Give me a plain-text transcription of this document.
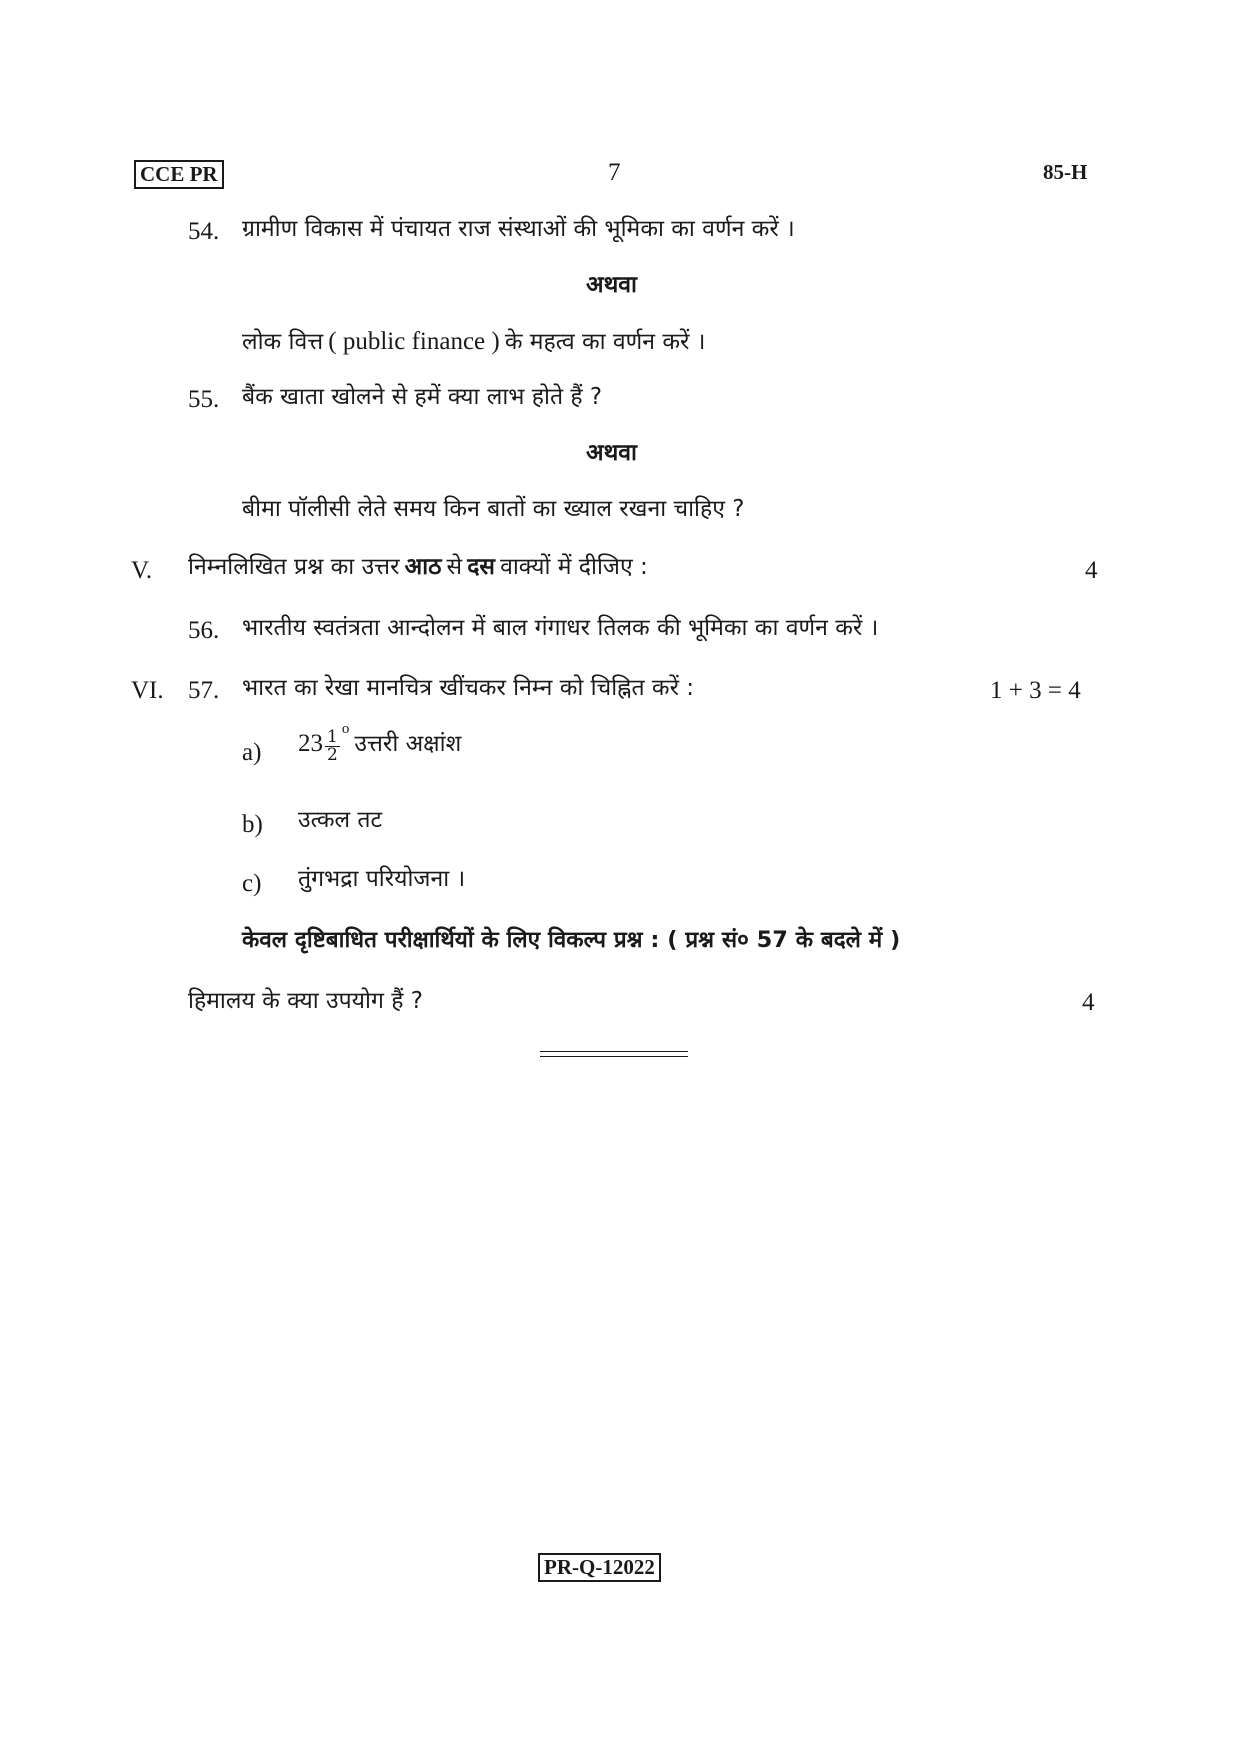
CCE PR	7	85-H
54. ग्रामीण विकास में पंचायत राज संस्थाओं की भूमिका का वर्णन करें ।
अथवा
लोक वित्त ( public finance ) के महत्व का वर्णन करें ।
55. बैंक खाता खोलने से हमें क्या लाभ होते हैं ?
अथवा
बीमा पॉलीसी लेते समय किन बातों का ख्याल रखना चाहिए ?
V. निम्नलिखित प्रश्न का उत्तर आठ से दस वाक्यों में दीजिए :	4
56. भारतीय स्वतंत्रता आन्दोलन में बाल गंगाधर तिलक की भूमिका का वर्णन करें ।
VI. 57. भारत का रेखा मानचित्र खींचकर निम्न को चिह्नित करें :	1 + 3 = 4
a) $23 \frac{1}{2}$ o उत्तरी अक्षांश
b) उत्कल तट
c) तुंगभद्रा परियोजना ।
केवल दृष्टिबाधित परीक्षार्थियों के लिए विकल्प प्रश्न : ( प्रश्न सं० 57 के बदले में )
हिमालय के क्या उपयोग हैं ?	4
PR-Q-12022
